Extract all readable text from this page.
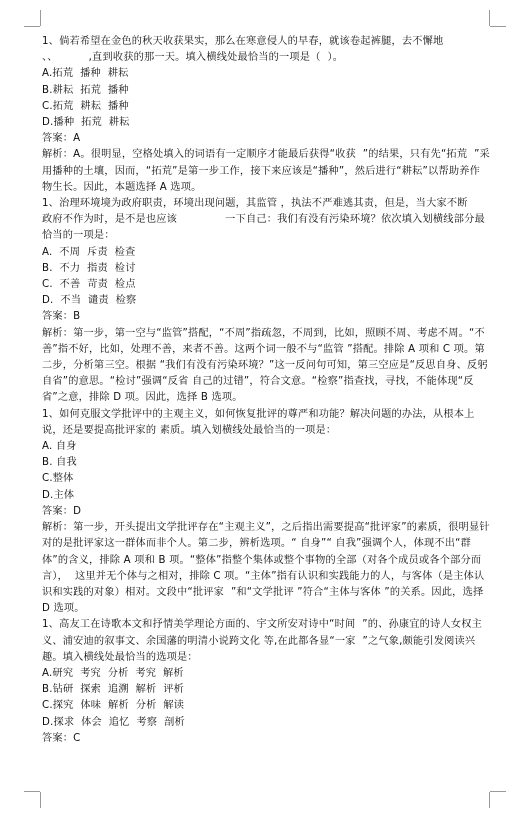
1、倘若希望在金色的秋天收获果实，那么在寒意侵人的早春，就该卷起裤腿，去不懈地              、、         ,直到收获的那一天。填入横线处最恰当的一项是（  ）。

A.拓荒  播种  耕耘

B.耕耘  拓荒  播种

C.拓荒  耕耘  播种

D.播种  拓荒  耕耘

答案：A

解析：A。很明显，空格处填入的词语有一定顺序才能最后获得“收获  ”的结果，只有先“拓荒  ”采用播种的土壤，因而，“拓荒”是第一步工作，接下来应该是“播种”，然后进行“耕耘”以帮助养作物生长。因此，本题选择 A 选项。

1、治理环境境为政府职责，环境出现问题，其监管 ，执法不严难逃其责，但是，当大家不断    政府不作为时，是不是也应该              一下自己：我们有没有污染环境？依次填入划横线部分最恰当的一项是：

A.  不周  斥责  检查

B.  不力  指责  检讨

C.  不善  苛责  检点

D.  不当  谴责  检察

答案：B

解析：第一步，第一空与“监管”搭配，“不周”指疏忽，不周到，比如，照顾不周、考虑不周。“不善”指不好，比如，处理不善，来者不善。这两个词一般不与“监管 ”搭配。排除 A 项和 C 项。第二步，分析第三空。根据 “我们有没有污染环境？”这一反问句可知，第三空应是“反思自身、反躬自省”的意思。“检讨”强调“反省 自己的过错”，符合文意。“检察”指查找，寻找，不能体现“反省”之意，排除 D 项。因此，选择 B 选项。

1、如何克服文学批评中的主观主义，如何恢复批评的尊严和功能？解决问题的办法，从根本上说，还是要提高批评家的 素质。填入划横线处最恰当的一项是：

A. 自身

B. 自我

C.整体

D.主体

答案：D

解析：第一步，开头提出文学批评存在“主观主义”，之后指出需要提高“批评家”的素质，很明显针对的是批评家这一群体而非个人。第二步，辨析选项。“ 自身”“ 自我”强调个人，体现不出“群体”的含义，排除 A 项和 B 项。“整体”指整个集体或整个事物的全部（对各个成员或各个部分而言），  这里并无个体与之相对，排除 C 项。“主体”指有认识和实践能力的人，与客体（是主体认识和实践的对象）相对。文段中“批评家  ”和“文学批评 ”符合“主体与客体 ”的关系。因此，选择 D 选项。

1、高友工在诗歌本文和抒情美学理论方面的、宇文所安对诗中“时间  ”的、孙康宜的诗人女权主义、浦安迪的叙事文、余国藩的明清小说跨文化 等,在此都各显“一家  ”之气象,颇能引发阅读兴趣。填入横线处最恰当的选项是：

A.研究  考究  分析  考究  解析

B.钻研  探索  追溯  解析  评析

C.探究  体味  解析  分析  解读

D.探求  体会  追忆  考察  剖析

答案：C
